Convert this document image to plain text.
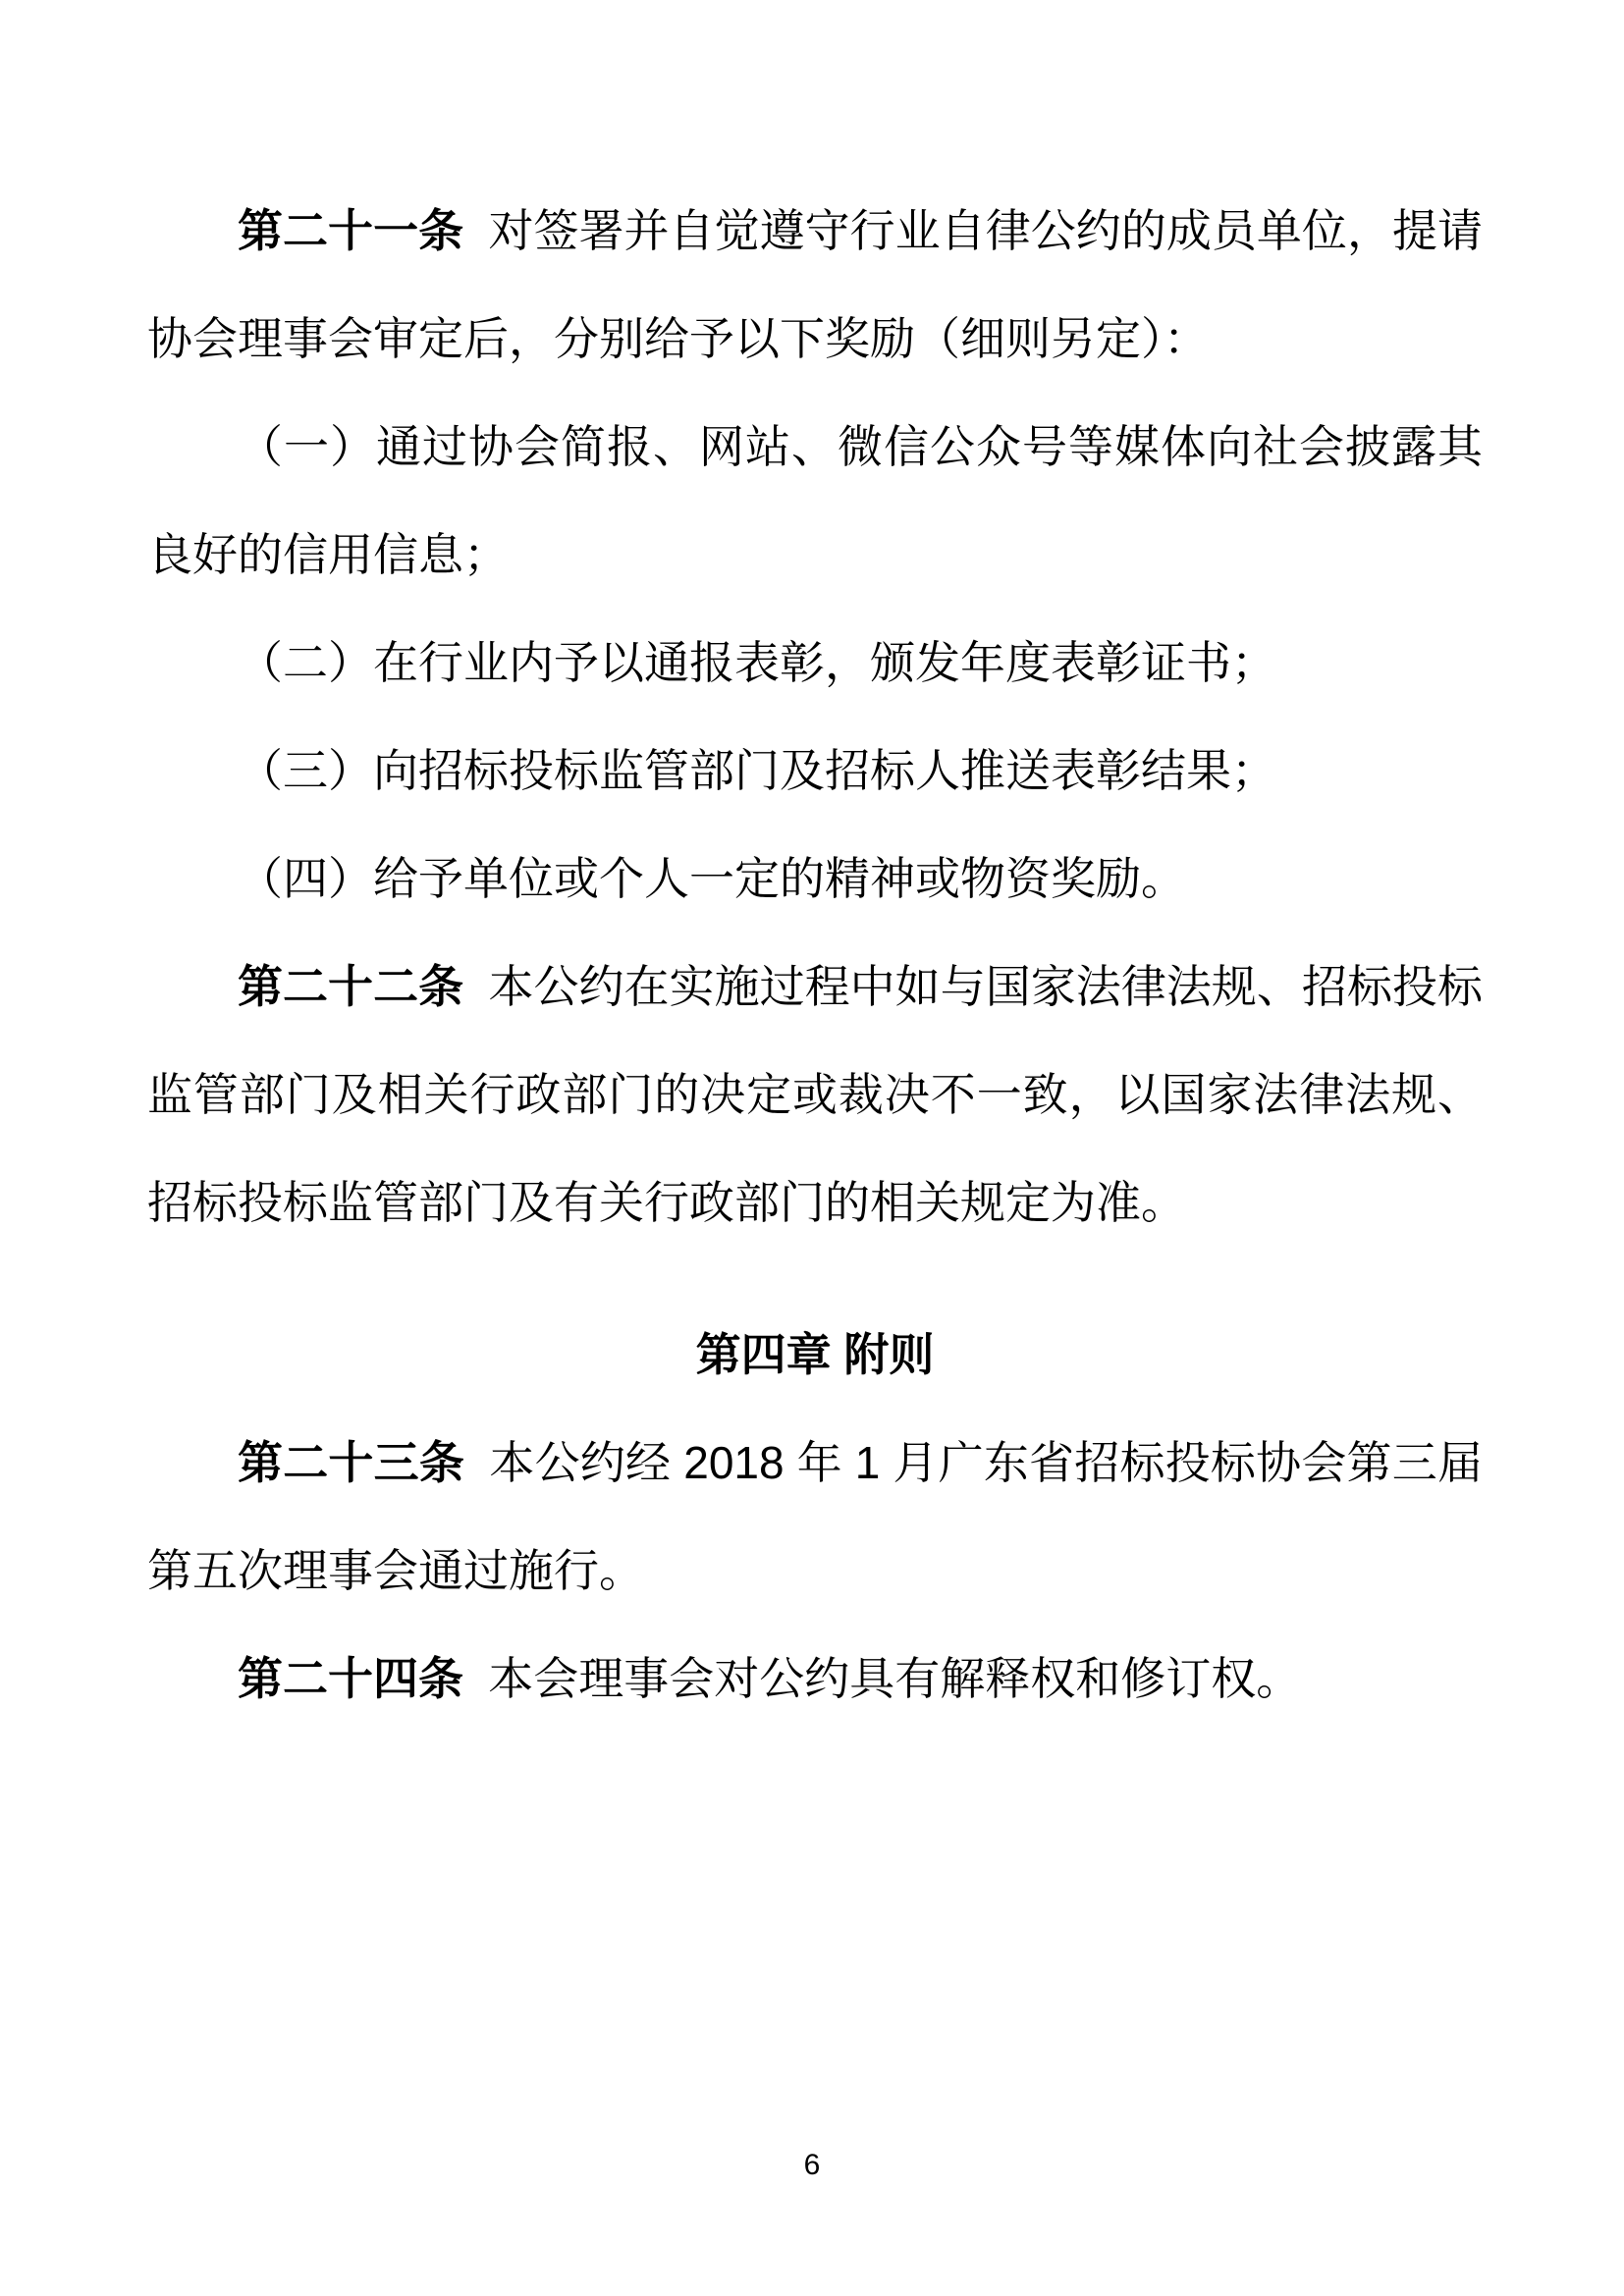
第二十一条 对签署并自觉遵守行业自律公约的成员单位，提请协会理事会审定后，分别给予以下奖励（细则另定）：

（一）通过协会简报、网站、微信公众号等媒体向社会披露其良好的信用信息；

（二）在行业内予以通报表彰，颁发年度表彰证书；

（三）向招标投标监管部门及招标人推送表彰结果；

（四）给予单位或个人一定的精神或物资奖励。

第二十二条 本公约在实施过程中如与国家法律法规、招标投标监管部门及相关行政部门的决定或裁决不一致，以国家法律法规、招标投标监管部门及有关行政部门的相关规定为准。

第四章 附则

第二十三条 本公约经 2018 年 1 月广东省招标投标协会第三届第五次理事会通过施行。

第二十四条 本会理事会对公约具有解释权和修订权。

6
